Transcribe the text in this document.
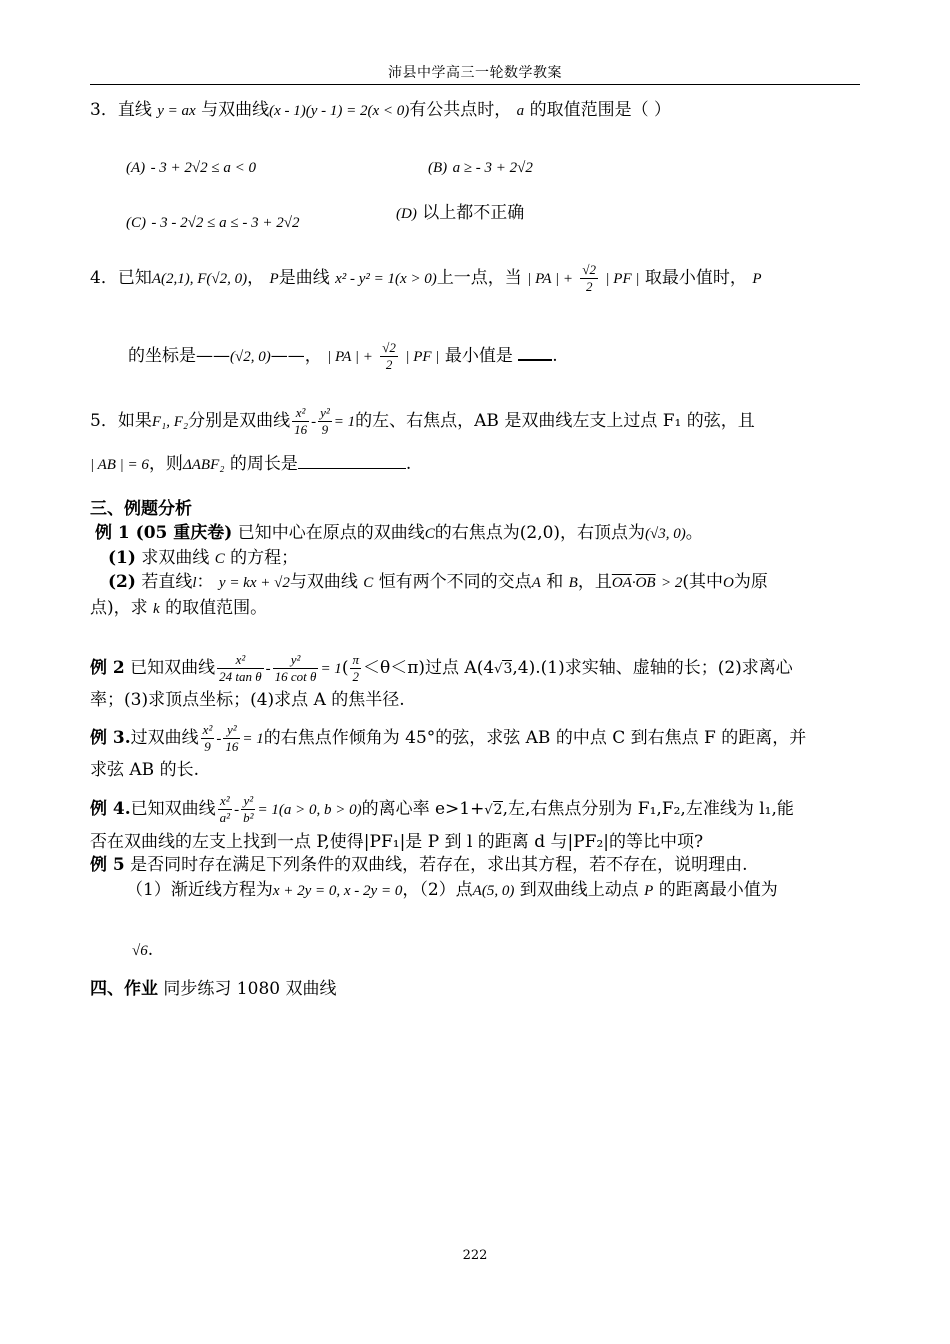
沛县中学高三一轮数学教案
3．直线 y = ax 与双曲线(x - 1)(y - 1) = 2(x < 0)有公共点时， a 的取值范围是（ ）
(A) - 3 + 2√2 ≤ a < 0	(B) a ≥ - 3 + 2√2
(C) - 3 - 2√2 ≤ a ≤ - 3 + 2√2
(D) 以上都不正确
4．已知A(2,1), F(√2, 0)， P是曲线 x² - y² = 1(x > 0)上一点，当 | PA | + $\frac{√2}{2}$ | PF | 取最小值时， P
的坐标是——(√2, 0)——， | PA | + $\frac{√2}{2}$ | PF | 最小值是 .
5．如果F₁, F₂分别是双曲线 $\frac{\text{x²}}{16} - \frac{\text{y²}}{9} = 1$的左、右焦点，AB 是双曲线左支上过点 F₁ 的弦，且
| AB | = 6，则ΔABF₂ 的周长是	.
三、例题分析
例 1 (05 重庆卷) 已知中心在原点的双曲线C的右焦点为(2,0)，右顶点为(√3, 0)。
(1) 求双曲线 C 的方程；
(2) 若直线l： y = kx + √2与双曲线 C 恒有两个不同的交点A 和 B，且$\overline{OA}\cdot\overline{OB} > 2$(其中O为原
点)，求 k 的取值范围。
例 2 已知双曲线 $\frac{\text{x²}}{\text{24 tan θ}} - \frac{\text{y²}}{\text{16 cot θ}} = 1( \frac{\pi}{2} <\theta<\pi)$过点 A(4√3,4).(1)求实轴、虚轴的长；(2)求离心
率；(3)求顶点坐标；(4)求点 A 的焦半径.
例 3.过双曲线 $\frac{\text{x²}}{9} - \frac{\text{y²}}{16} = 1$的右焦点作倾角为 45°的弦，求弦 AB 的中点 C 到右焦点 F 的距离，并
求弦 AB 的长.
例 4.已知双曲线 $\frac{\text{x²}}{\text{a²}} - \frac{\text{y²}}{\text{b²}} = 1(a > 0$, b > 0)的离心率 e>1+√2,左,右焦点分别为 F₁,F₂,左准线为 l₁,能
否在双曲线的左支上找到一点 P,使得|PF₁|是 P 到 l 的距离 d 与|PF₂|的等比中项?
例 5 是否同时存在满足下列条件的双曲线，若存在，求出其方程，若不存在，说明理由.
（1）渐近线方程为x + 2y = 0, x - 2y = 0，（2）点A(5, 0) 到双曲线上动点 P 的距离最小值为
√6.
四、作业 同步练习 1080 双曲线
222
